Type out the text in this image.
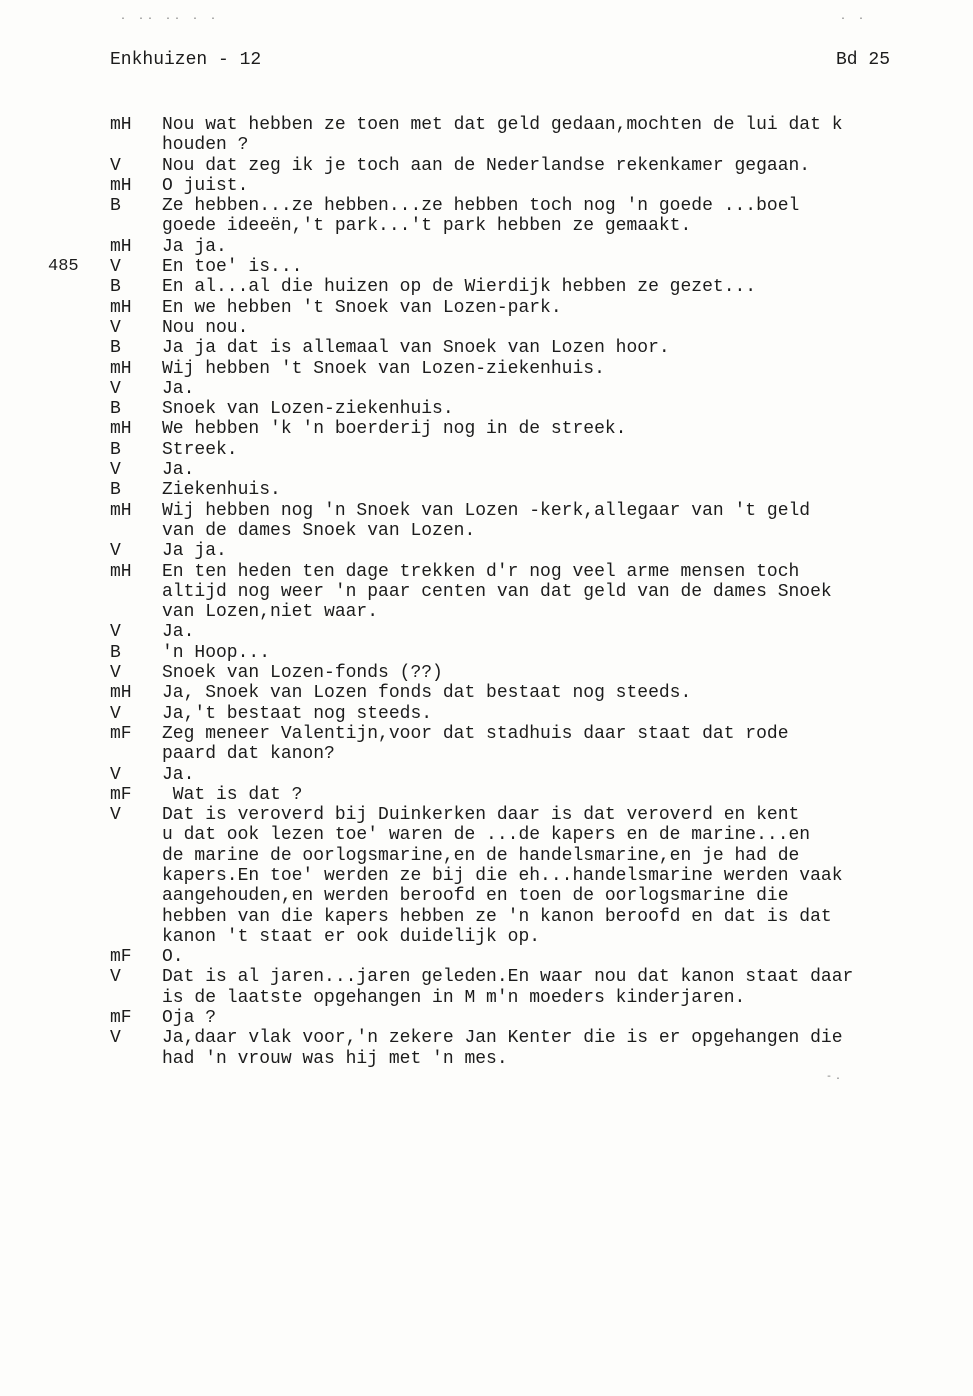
Enkhuizen - 12	Bd 25
· ·· ·· · ·	· ·
mH	Nou wat hebben ze toen met dat geld gedaan,mochten de lui dat k
houden ?
V	Nou dat zeg ik je toch aan de Nederlandse rekenkamer gegaan.
mH	O juist.
B	Ze hebben...ze hebben...ze hebben toch nog 'n goede ...boel
goede ideeën,'t park...'t park hebben ze gemaakt.
mH	Ja ja.
485 V	En toe' is...
B	En al...al die huizen op de Wierdijk hebben ze gezet...
mH	En we hebben 't Snoek van Lozen-park.
V	Nou nou.
B	Ja ja dat is allemaal van Snoek van Lozen hoor.
mH	Wij hebben 't Snoek van Lozen-ziekenhuis.
V	Ja.
B	Snoek van Lozen-ziekenhuis.
mH	We hebben 'k 'n boerderij nog in de streek.
B	Streek.
V	Ja.
B	Ziekenhuis.
mH	Wij hebben nog 'n Snoek van Lozen -kerk,allegaar van 't geld
van de dames Snoek van Lozen.
V	Ja ja.
mH	En ten heden ten dage trekken d'r nog veel arme mensen toch
altijd nog weer 'n paar centen van dat geld van de dames Snoek
van Lozen,niet waar.
V	Ja.
B	'n Hoop...
V	Snoek van Lozen-fonds (??)
mH	Ja, Snoek van Lozen fonds dat bestaat nog steeds.
V	Ja,'t bestaat nog steeds.
mF	Zeg meneer Valentijn,voor dat stadhuis daar staat dat rode
paard dat kanon?
V	Ja.
mF	Wat is dat ?
V	Dat is veroverd bij Duinkerken daar is dat veroverd en kent
u dat ook lezen toe' waren de ...de kapers en de marine...en
de marine de oorlogsmarine,en de handelsmarine,en je had de
kapers.En toe' werden ze bij die eh...handelsmarine werden vaak
aangehouden,en werden beroofd en toen de oorlogsmarine die
hebben van die kapers hebben ze 'n kanon beroofd en dat is dat
kanon 't staat er ook duidelijk op.
mF	O.
V	Dat is al jaren...jaren geleden.En waar nou dat kanon staat daar
is de laatste opgehangen in M m'n moeders kinderjaren.
mF	Oja ?
V	Ja,daar vlak voor,'n zekere Jan Kenter die is er opgehangen die
had 'n vrouw was hij met 'n mes.
-.
